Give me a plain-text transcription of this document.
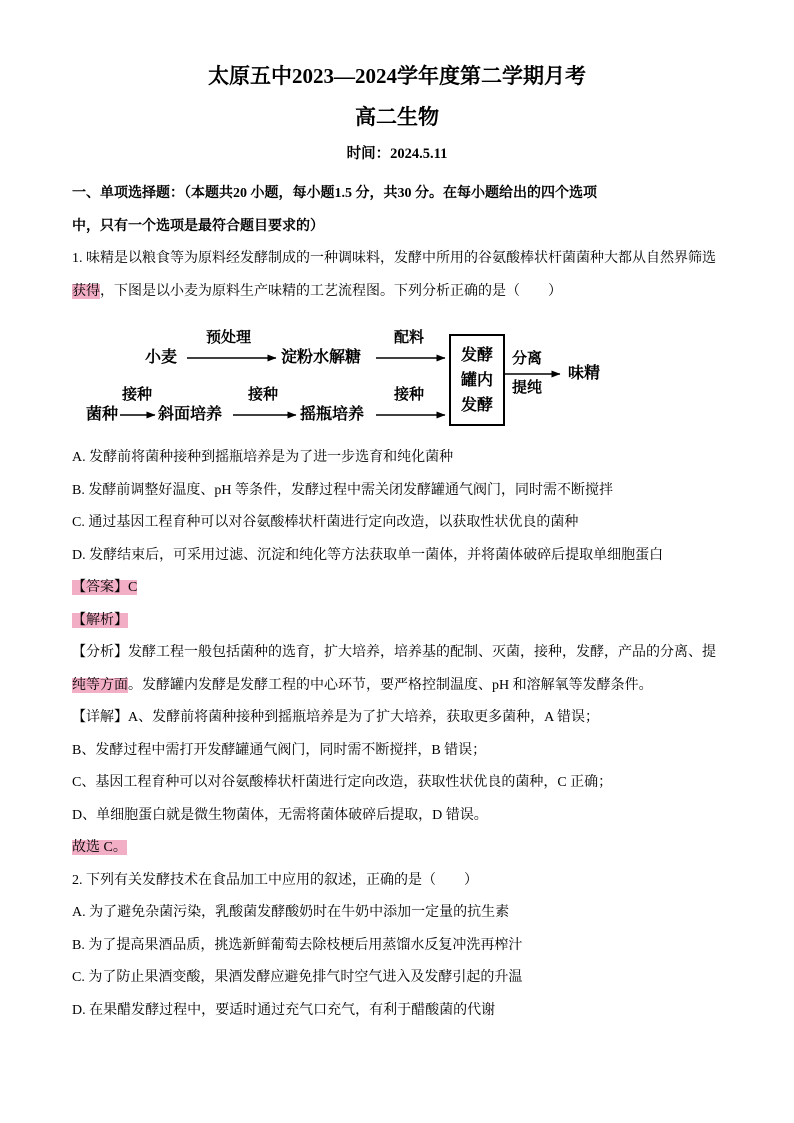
太原五中2023—2024学年度第二学期月考
高二生物
时间：2024.5.11
一、单项选择题：（本题共20 小题，每小题1.5 分，共30 分。在每小题给出的四个选项
中，只有一个选项是最符合题目要求的）
1. 味精是以粮食等为原料经发酵制成的一种调味料，发酵中所用的谷氨酸棒状杆菌菌种大都从自然界筛选
获得，下图是以小麦为原料生产味精的工艺流程图。下列分析正确的是（　　）
小麦
预处理
淀粉水解糖
配料
发酵
罐内
发酵
分离
提纯
味精
菌种
接种
斜面培养
接种
摇瓶培养
接种
A. 发酵前将菌种接种到摇瓶培养是为了进一步选育和纯化菌种
B. 发酵前调整好温度、pH 等条件，发酵过程中需关闭发酵罐通气阀门，同时需不断搅拌
C. 通过基因工程育种可以对谷氨酸棒状杆菌进行定向改造，以获取性状优良的菌种
D. 发酵结束后，可采用过滤、沉淀和纯化等方法获取单一菌体，并将菌体破碎后提取单细胞蛋白
【答案】C
【解析】
【分析】发酵工程一般包括菌种的选育，扩大培养，培养基的配制、灭菌，接种，发酵，产品的分离、提
纯等方面。发酵罐内发酵是发酵工程的中心环节，要严格控制温度、pH 和溶解氧等发酵条件。
【详解】A、发酵前将菌种接种到摇瓶培养是为了扩大培养，获取更多菌种，A 错误；
B、发酵过程中需打开发酵罐通气阀门，同时需不断搅拌，B 错误；
C、基因工程育种可以对谷氨酸棒状杆菌进行定向改造，获取性状优良的菌种，C 正确；
D、单细胞蛋白就是微生物菌体，无需将菌体破碎后提取，D 错误。
故选 C。
2. 下列有关发酵技术在食品加工中应用的叙述，正确的是（　　）
A. 为了避免杂菌污染，乳酸菌发酵酸奶时在牛奶中添加一定量的抗生素
B. 为了提高果酒品质，挑选新鲜葡萄去除枝梗后用蒸馏水反复冲洗再榨汁
C. 为了防止果酒变酸，果酒发酵应避免排气时空气进入及发酵引起的升温
D. 在果醋发酵过程中，要适时通过充气口充气，有利于醋酸菌的代谢
